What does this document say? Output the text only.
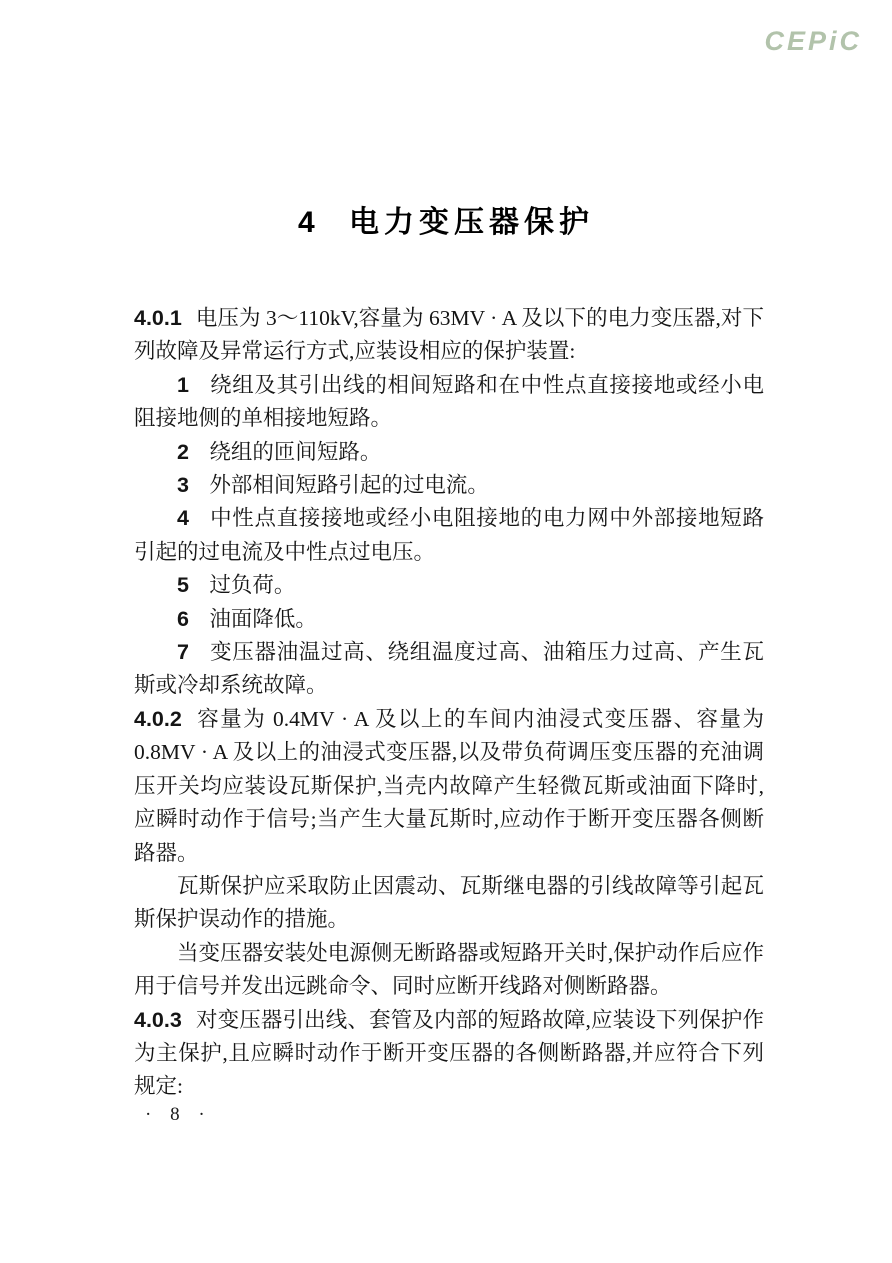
CEPiC
4 电力变压器保护

4.0.1 电压为 3～110kV,容量为 63MV · A 及以下的电力变压器,对下列故障及异常运行方式,应装设相应的保护装置:

1 绕组及其引出线的相间短路和在中性点直接接地或经小电阻接地侧的单相接地短路。

2 绕组的匝间短路。

3 外部相间短路引起的过电流。

4 中性点直接接地或经小电阻接地的电力网中外部接地短路引起的过电流及中性点过电压。

5 过负荷。

6 油面降低。

7 变压器油温过高、绕组温度过高、油箱压力过高、产生瓦斯或冷却系统故障。

4.0.2 容量为 0.4MV · A 及以上的车间内油浸式变压器、容量为 0.8MV · A 及以上的油浸式变压器,以及带负荷调压变压器的充油调压开关均应装设瓦斯保护,当壳内故障产生轻微瓦斯或油面下降时,应瞬时动作于信号;当产生大量瓦斯时,应动作于断开变压器各侧断路器。

瓦斯保护应采取防止因震动、瓦斯继电器的引线故障等引起瓦斯保护误动作的措施。

当变压器安装处电源侧无断路器或短路开关时,保护动作后应作用于信号并发出远跳命令、同时应断开线路对侧断路器。

4.0.3 对变压器引出线、套管及内部的短路故障,应装设下列保护作为主保护,且应瞬时动作于断开变压器的各侧断路器,并应符合下列规定:

· 8 ·
